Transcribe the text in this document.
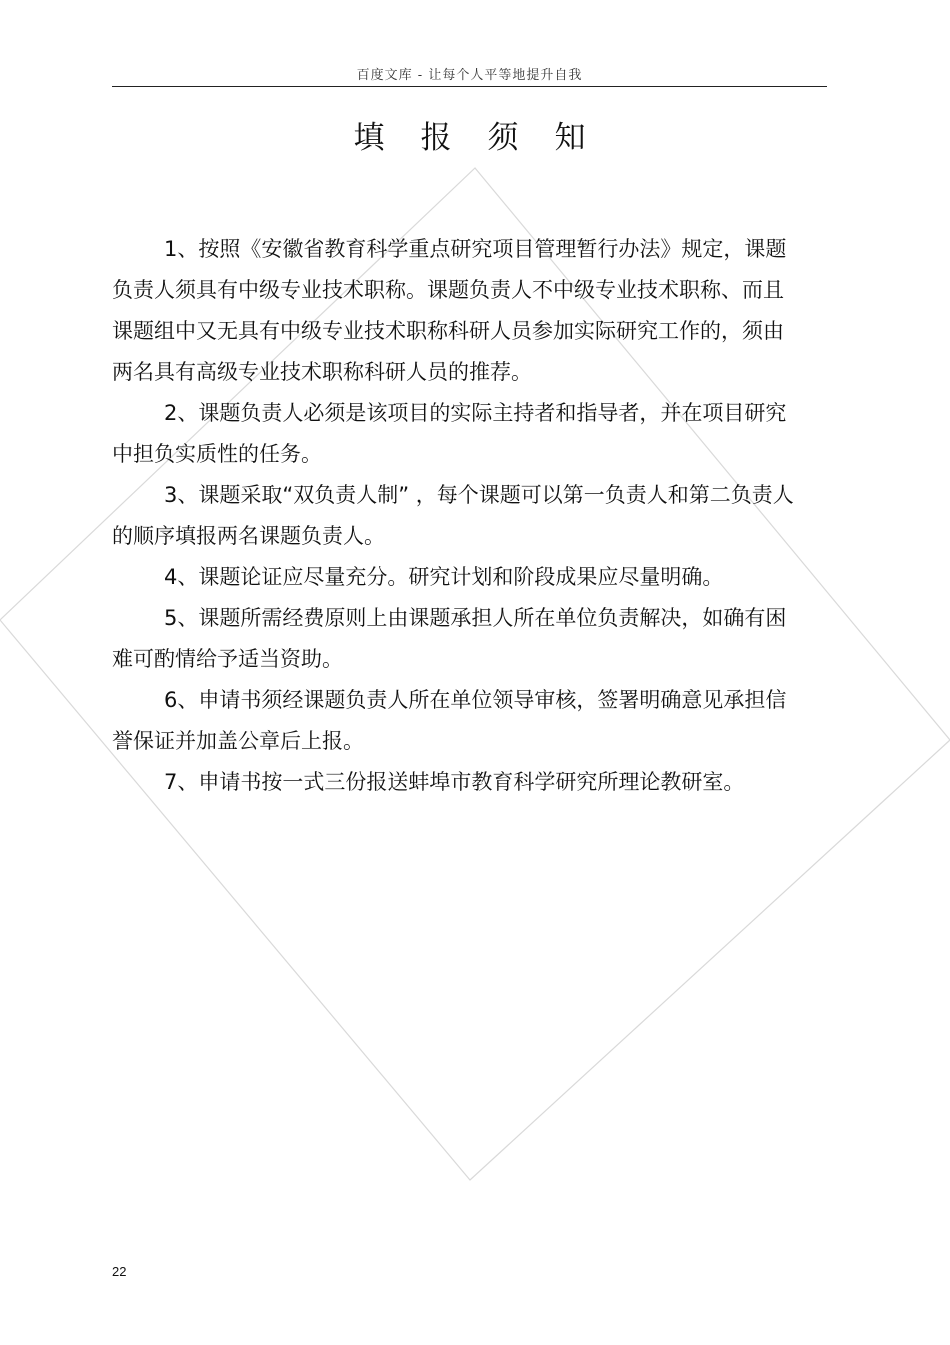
百度文库 - 让每个人平等地提升自我
填报须知

1、按照《安徽省教育科学重点研究项目管理暂行办法》规定，课题负责人须具有中级专业技术职称。课题负责人不中级专业技术职称、而且课题组中又无具有中级专业技术职称科研人员参加实际研究工作的，须由两名具有高级专业技术职称科研人员的推荐。

2、课题负责人必须是该项目的实际主持者和指导者，并在项目研究中担负实质性的任务。

3、课题采取“双负责人制” ，每个课题可以第一负责人和第二负责人的顺序填报两名课题负责人。

4、课题论证应尽量充分。研究计划和阶段成果应尽量明确。

5、课题所需经费原则上由课题承担人所在单位负责解决，如确有困难可酌情给予适当资助。

6、申请书须经课题负责人所在单位领导审核，签署明确意见承担信誉保证并加盖公章后上报。

7、申请书按一式三份报送蚌埠市教育科学研究所理论教研室。

22
